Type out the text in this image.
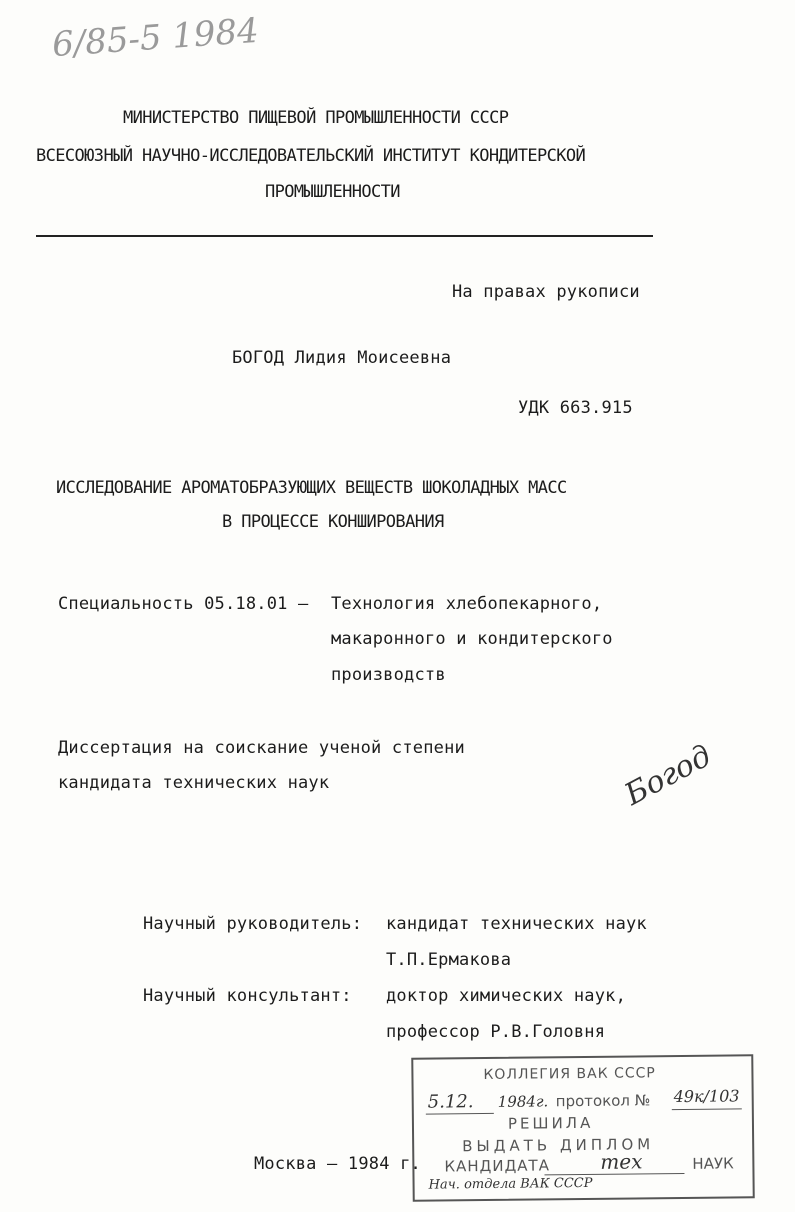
6/85-5 1984
МИНИСТЕРСТВО ПИЩЕВОЙ ПРОМЫШЛЕННОСТИ СССР
ВСЕСОЮЗНЫЙ НАУЧНО-ИССЛЕДОВАТЕЛЬСКИЙ ИНСТИТУТ КОНДИТЕРСКОЙ
ПРОМЫШЛЕННОСТИ
На правах рукописи
БОГОД Лидия Моисеевна
УДК 663.915
ИССЛЕДОВАНИЕ АРОМАТОБРАЗУЮЩИХ ВЕЩЕСТВ ШОКОЛАДНЫХ МАСС
В ПРОЦЕССЕ КОНШИРОВАНИЯ
Специальность 05.18.01 – Технология хлебопекарного,
макаронного и кондитерского
производств
Диссертация на соискание ученой степени
кандидата технических наук	Богод
Научный руководитель: кандидат технических наук
Т.П.Ермакова
Научный консультант: доктор химических наук,
профессор Р.В.Головня
Москва – 1984 г.
КОЛЛЕГИЯ ВАК СССР
5.12. 1984г. протокол № 49к/103
РЕШИЛА
ВЫДАТЬ ДИПЛОМ
КАНДИДАТА	тех	НАУК
Нач. отдела ВАК СССР
